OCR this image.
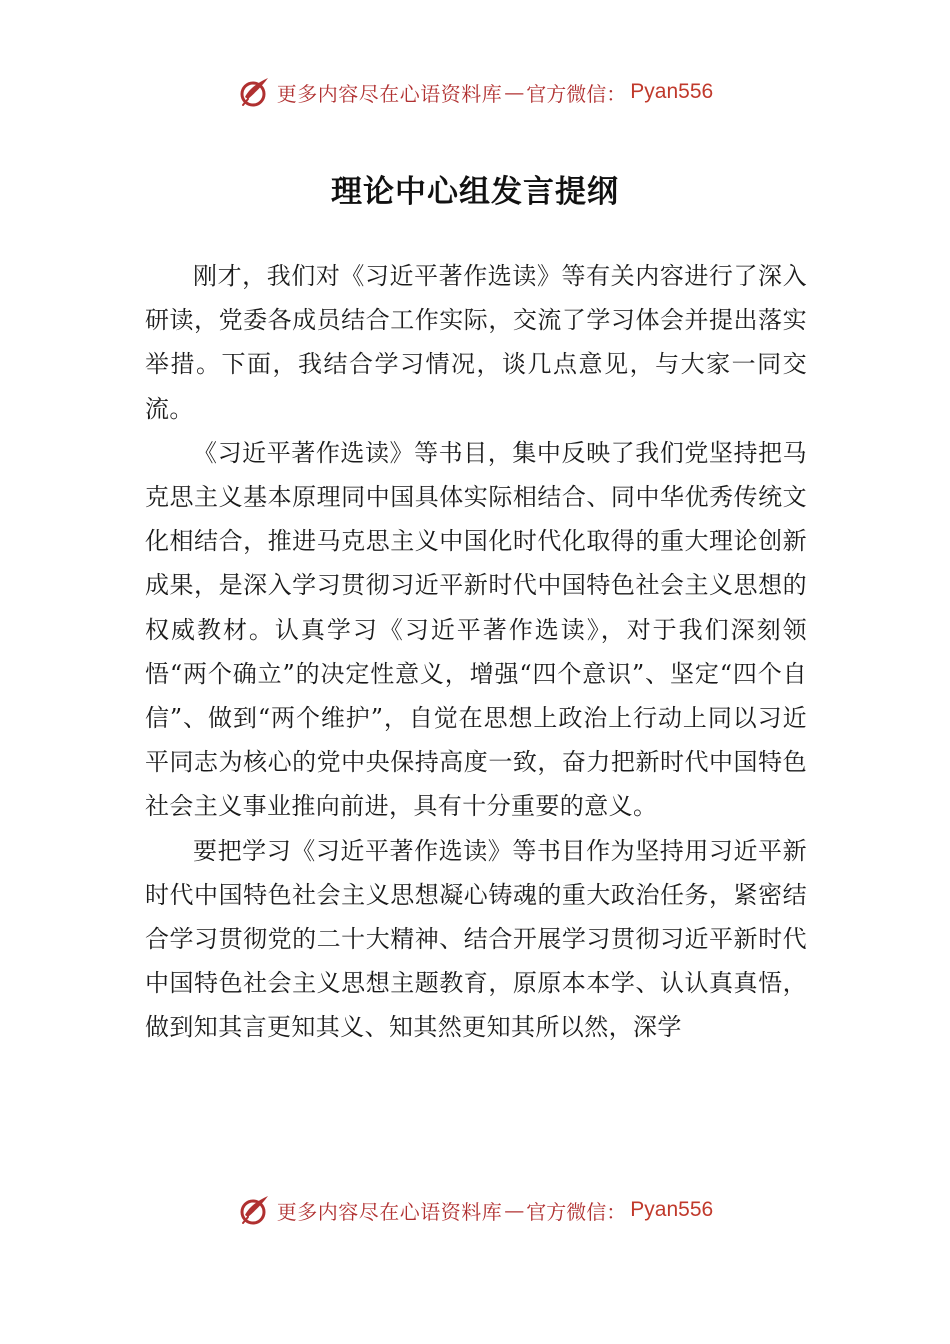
更多内容尽在心语资料库 — 官方微信： Pyan556
理论中心组发言提纲

刚才，我们对《习近平著作选读》等有关内容进行了深入研读，党委各成员结合工作实际，交流了学习体会并提出落实举措。下面，我结合学习情况，谈几点意见，与大家一同交流。

《习近平著作选读》等书目，集中反映了我们党坚持把马克思主义基本原理同中国具体实际相结合、同中华优秀传统文化相结合，推进马克思主义中国化时代化取得的重大理论创新成果，是深入学习贯彻习近平新时代中国特色社会主义思想的权威教材。认真学习《习近平著作选读》，对于我们深刻领悟“两个确立”的决定性意义，增强“四个意识”、坚定“四个自信”、做到“两个维护”，自觉在思想上政治上行动上同以习近平同志为核心的党中央保持高度一致，奋力把新时代中国特色社会主义事业推向前进，具有十分重要的意义。

要把学习《习近平著作选读》等书目作为坚持用习近平新时代中国特色社会主义思想凝心铸魂的重大政治任务，紧密结合学习贯彻党的二十大精神、结合开展学习贯彻习近平新时代中国特色社会主义思想主题教育，原原本本学、认认真真悟，做到知其言更知其义、知其然更知其所以然，深学

更多内容尽在心语资料库 — 官方微信： Pyan556
